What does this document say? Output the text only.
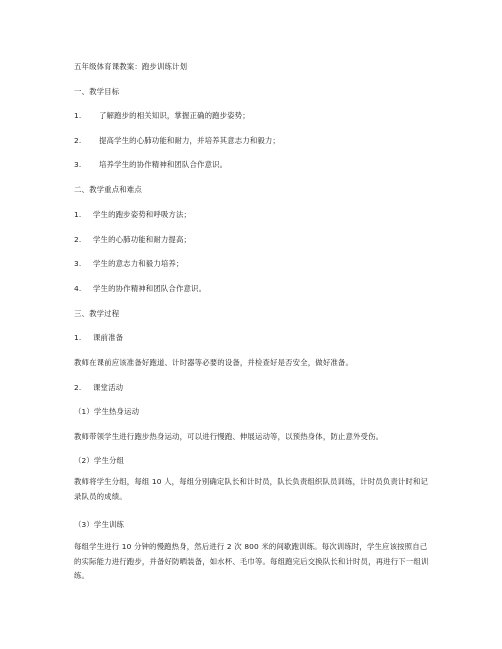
五年级体育课教案：跑步训练计划
一、教学目标
1. 了解跑步的相关知识，掌握正确的跑步姿势；
2. 提高学生的心肺功能和耐力，并培养其意志力和毅力；
3. 培养学生的协作精神和团队合作意识。
二、教学重点和难点
1. 学生的跑步姿势和呼吸方法；
2. 学生的心肺功能和耐力提高；
3. 学生的意志力和毅力培养；
4. 学生的协作精神和团队合作意识。
三、教学过程
1. 课前准备
教师在课前应该准备好跑道、计时器等必要的设备，并检查好是否安全，做好准备。
2. 课堂活动
（1）学生热身运动
教师带领学生进行跑步热身运动，可以进行慢跑、伸展运动等，以预热身体，防止意外受伤。
（2）学生分组
教师将学生分组，每组 10 人，每组分别确定队长和计时员，队长负责组织队员训练，计时员负责计时和记录队员的成绩。
（3）学生训练
每组学生进行 10 分钟的慢跑热身，然后进行 2 次 800 米的间歇跑训练。每次训练时，学生应该按照自己的实际能力进行跑步，并备好防晒装备，如水杯、毛巾等。每组跑完后交换队长和计时员，再进行下一组训练。
